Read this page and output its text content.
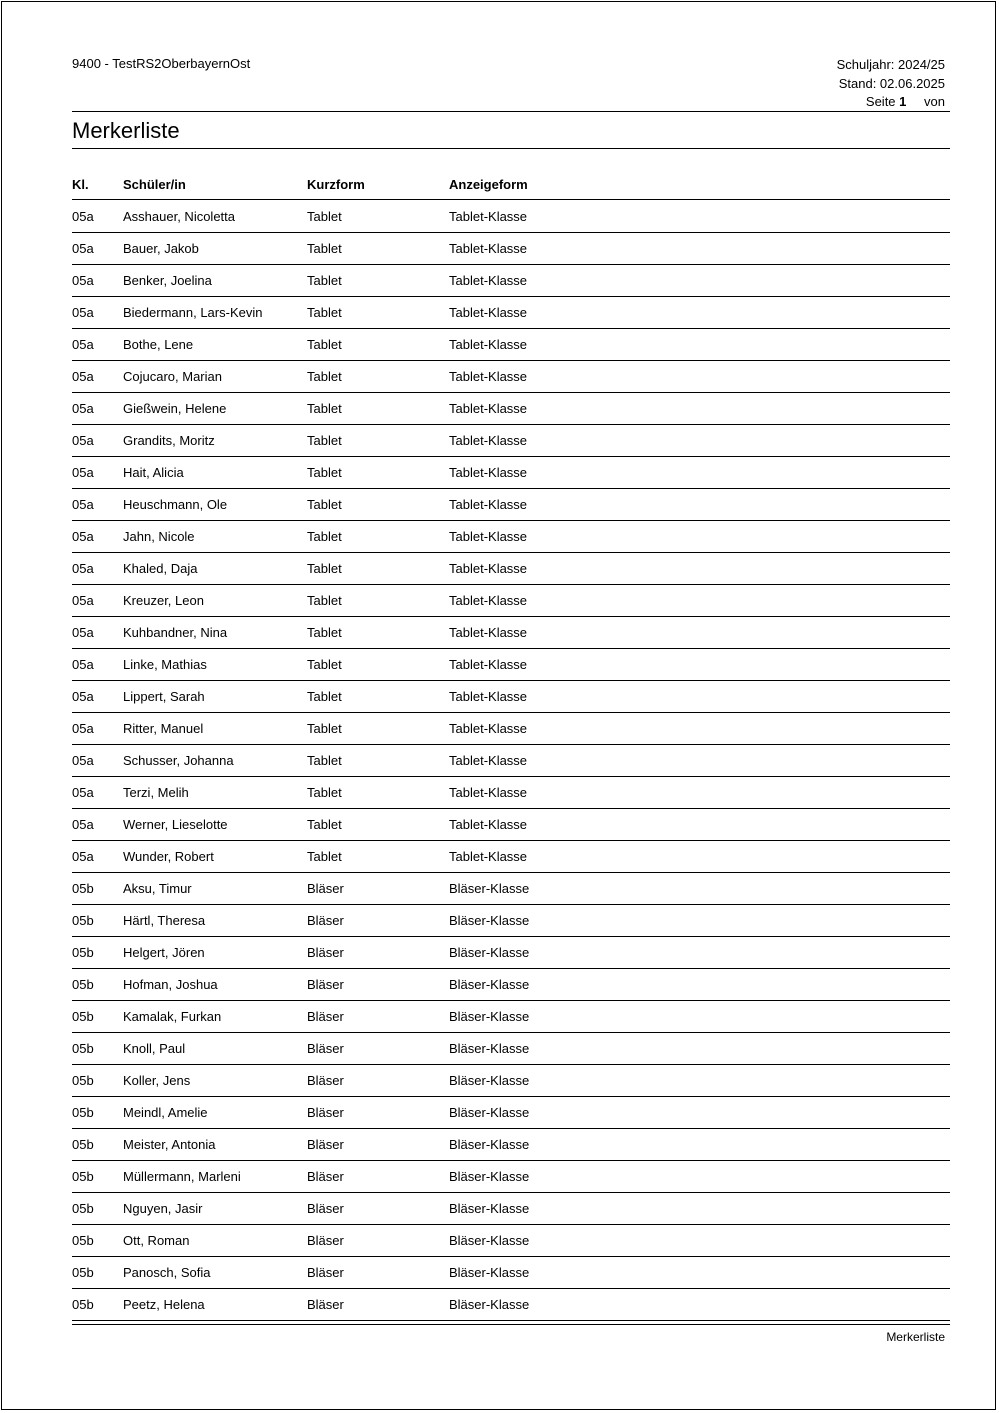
9400 - TestRS2OberbayernOst	Schuljahr: 2024/25
Stand: 02.06.2025
Seite 1 von
Merkerliste
Kl.	Schüler/in	Kurzform	Anzeigeform
05a Asshauer, Nicoletta	Tablet	Tablet-Klasse
05a Bauer, Jakob	Tablet	Tablet-Klasse
05a Benker, Joelina	Tablet	Tablet-Klasse
05a Biedermann, Lars-Kevin	Tablet	Tablet-Klasse
05a Bothe, Lene	Tablet	Tablet-Klasse
05a Cojucaro, Marian	Tablet	Tablet-Klasse
05a Gießwein, Helene	Tablet	Tablet-Klasse
05a Grandits, Moritz	Tablet	Tablet-Klasse
05a Hait, Alicia	Tablet	Tablet-Klasse
05a Heuschmann, Ole	Tablet	Tablet-Klasse
05a Jahn, Nicole	Tablet	Tablet-Klasse
05a Khaled, Daja	Tablet	Tablet-Klasse
05a Kreuzer, Leon	Tablet	Tablet-Klasse
05a Kuhbandner, Nina	Tablet	Tablet-Klasse
05a Linke, Mathias	Tablet	Tablet-Klasse
05a Lippert, Sarah	Tablet	Tablet-Klasse
05a Ritter, Manuel	Tablet	Tablet-Klasse
05a Schusser, Johanna	Tablet	Tablet-Klasse
05a Terzi, Melih	Tablet	Tablet-Klasse
05a Werner, Lieselotte	Tablet	Tablet-Klasse
05a Wunder, Robert	Tablet	Tablet-Klasse
05b Aksu, Timur	Bläser	Bläser-Klasse
05b Härtl, Theresa	Bläser	Bläser-Klasse
05b Helgert, Jören	Bläser	Bläser-Klasse
05b Hofman, Joshua	Bläser	Bläser-Klasse
05b Kamalak, Furkan	Bläser	Bläser-Klasse
05b Knoll, Paul	Bläser	Bläser-Klasse
05b Koller, Jens	Bläser	Bläser-Klasse
05b Meindl, Amelie	Bläser	Bläser-Klasse
05b Meister, Antonia	Bläser	Bläser-Klasse
05b Müllermann, Marleni	Bläser	Bläser-Klasse
05b Nguyen, Jasir	Bläser	Bläser-Klasse
05b Ott, Roman	Bläser	Bläser-Klasse
05b Panosch, Sofia	Bläser	Bläser-Klasse
05b Peetz, Helena	Bläser	Bläser-Klasse
Merkerliste
